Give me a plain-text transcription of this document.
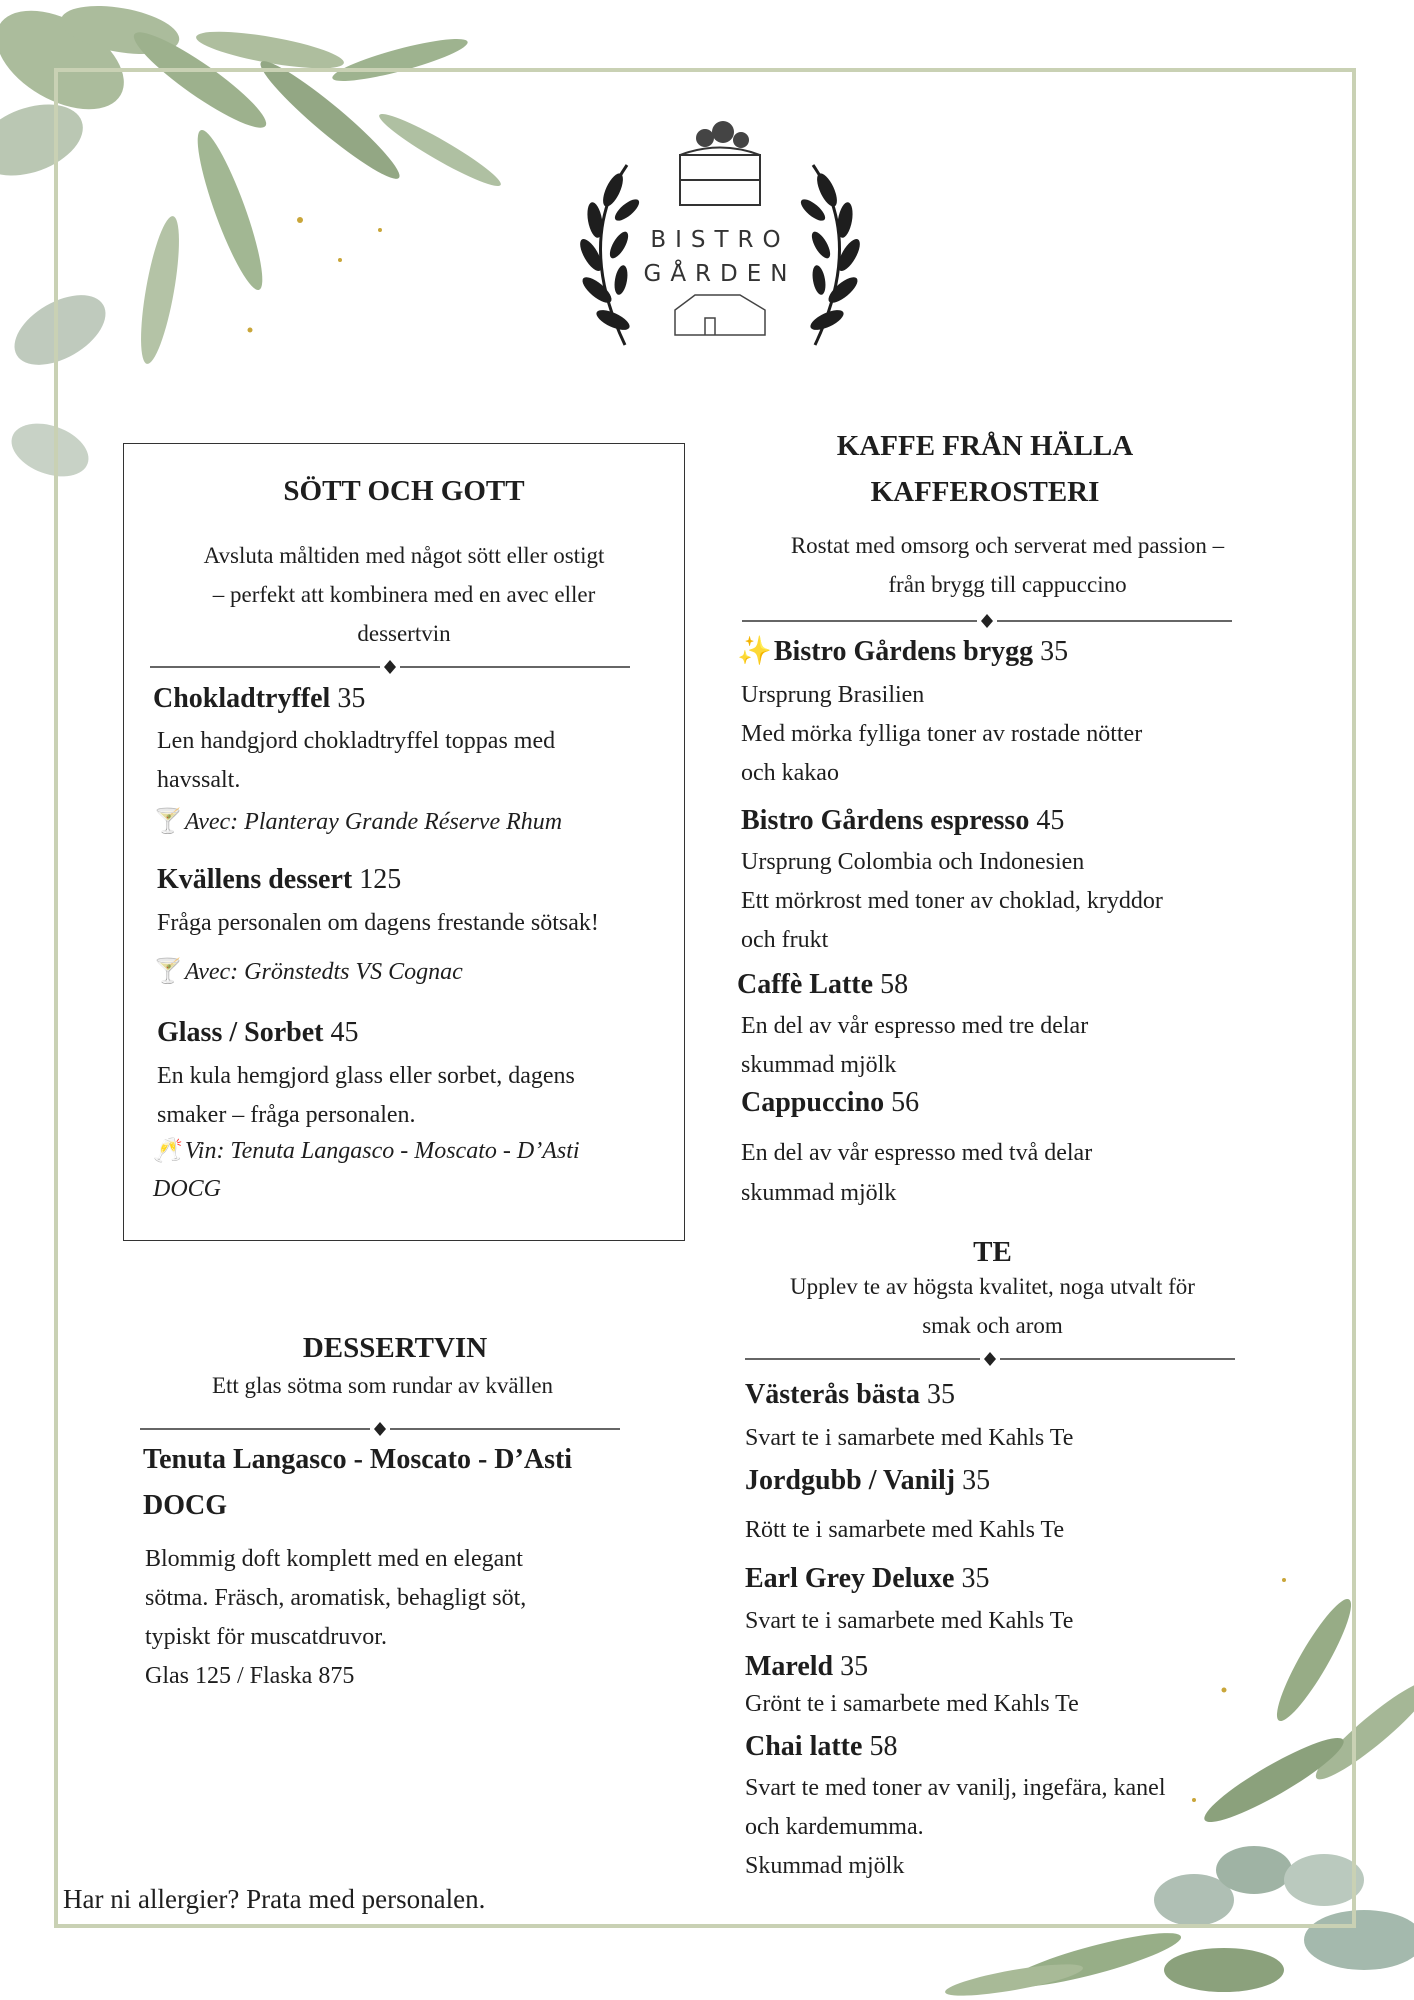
BISTRO
GÅRDEN
SÖTT OCH GOTT
Avsluta måltiden med något sött eller ostigt
– perfekt att kombinera med en avec eller
dessertvin
Chokladtryffel 35
Len handgjord chokladtryffel toppas med
havssalt.
🍸Avec: Planteray Grande Réserve Rhum
Kvällens dessert 125
Fråga personalen om dagens frestande sötsak!
🍸Avec: Grönstedts VS Cognac
Glass / Sorbet 45
En kula hemgjord glass eller sorbet, dagens
smaker – fråga personalen.
🥂Vin: Tenuta Langasco - Moscato - D’Asti
DOCG
DESSERTVIN
Ett glas sötma som rundar av kvällen
Tenuta Langasco - Moscato - D’Asti
DOCG
Blommig doft komplett med en elegant
sötma. Fräsch, aromatisk, behagligt söt,
typiskt för muscatdruvor.
Glas 125 / Flaska 875
KAFFE FRÅN HÄLLA
KAFFEROSTERI
Rostat med omsorg och serverat med passion –
från brygg till cappuccino
✨Bistro Gårdens brygg 35
Ursprung Brasilien
Med mörka fylliga toner av rostade nötter
och kakao
Bistro Gårdens espresso 45
Ursprung Colombia och Indonesien
Ett mörkrost med toner av choklad, kryddor
och frukt
Caffè Latte 58
En del av vår espresso med tre delar
skummad mjölk
Cappuccino 56
En del av vår espresso med två delar
skummad mjölk
TE
Upplev te av högsta kvalitet, noga utvalt för
smak och arom
Västerås bästa 35
Svart te i samarbete med Kahls Te
Jordgubb / Vanilj 35
Rött te i samarbete med Kahls Te
Earl Grey Deluxe 35
Svart te i samarbete med Kahls Te
Mareld 35
Grönt te i samarbete med Kahls Te
Chai latte 58
Svart te med toner av vanilj, ingefära, kanel
och kardemumma.
Skummad mjölk
Har ni allergier? Prata med personalen.
